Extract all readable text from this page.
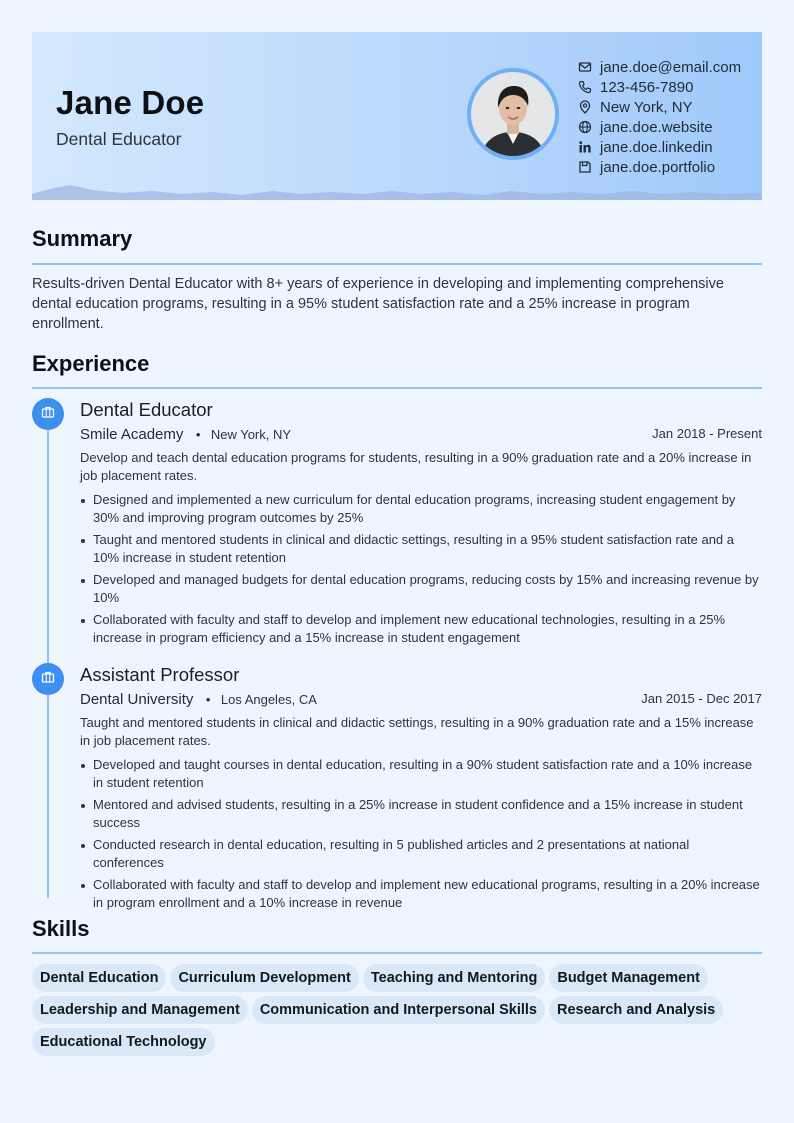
Jane Doe
Dental Educator
jane.doe@email.com
123-456-7890
New York, NY
jane.doe.website
jane.doe.linkedin
jane.doe.portfolio
Summary

Results-driven Dental Educator with 8+ years of experience in developing and implementing comprehensive dental education programs, resulting in a 95% student satisfaction rate and a 25% increase in program enrollment.

Experience
Dental Educator
Smile Academy • New York, NY	Jan 2018 - Present
Develop and teach dental education programs for students, resulting in a 90% graduation rate and a 20% increase in job placement rates.
Designed and implemented a new curriculum for dental education programs, increasing student engagement by 30% and improving program outcomes by 25%
Taught and mentored students in clinical and didactic settings, resulting in a 95% student satisfaction rate and a 10% increase in student retention
Developed and managed budgets for dental education programs, reducing costs by 15% and increasing revenue by 10%
Collaborated with faculty and staff to develop and implement new educational technologies, resulting in a 25% increase in program efficiency and a 15% increase in student engagement
Assistant Professor
Dental University • Los Angeles, CA	Jan 2015 - Dec 2017
Taught and mentored students in clinical and didactic settings, resulting in a 90% graduation rate and a 15% increase in job placement rates.
Developed and taught courses in dental education, resulting in a 90% student satisfaction rate and a 10% increase in student retention
Mentored and advised students, resulting in a 25% increase in student confidence and a 15% increase in student success
Conducted research in dental education, resulting in 5 published articles and 2 presentations at national conferences
Collaborated with faculty and staff to develop and implement new educational programs, resulting in a 20% increase in program enrollment and a 10% increase in revenue
Skills
Dental Education Curriculum Development Teaching and Mentoring Budget Management
Leadership and Management Communication and Interpersonal Skills Research and Analysis
Educational Technology
